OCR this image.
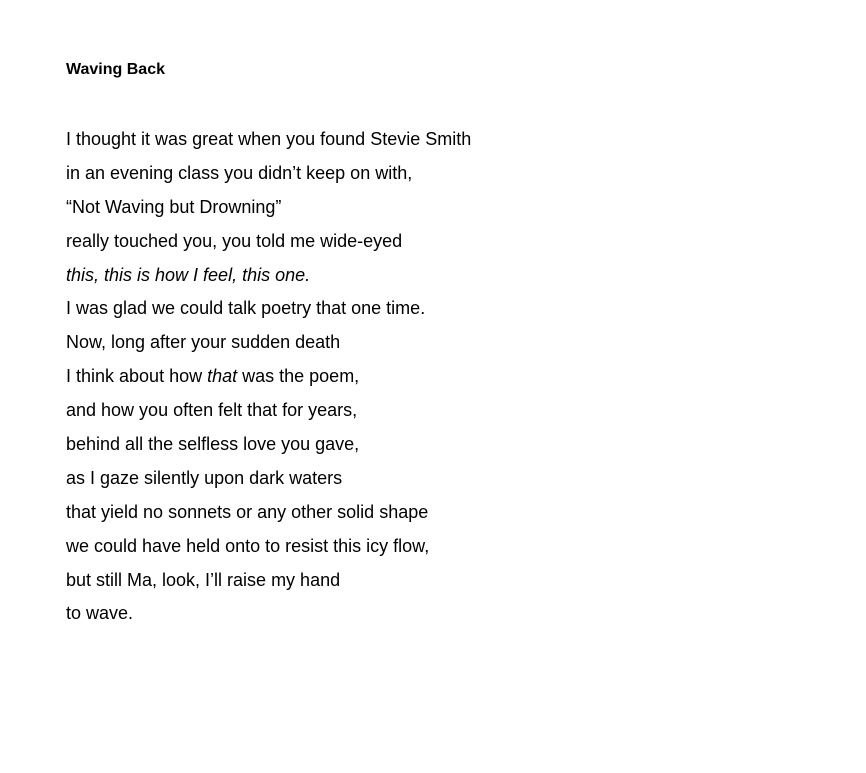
Waving Back
I thought it was great when you found Stevie Smith
in an evening class you didn’t keep on with,
“Not Waving but Drowning”
really touched you, you told me wide-eyed
this, this is how I feel, this one.
I was glad we could talk poetry that one time.
Now, long after your sudden death
I think about how that was the poem,
and how you often felt that for years,
behind all the selfless love you gave,
as I gaze silently upon dark waters
that yield no sonnets or any other solid shape
we could have held onto to resist this icy flow,
but still Ma, look, I’ll raise my hand
to wave.
